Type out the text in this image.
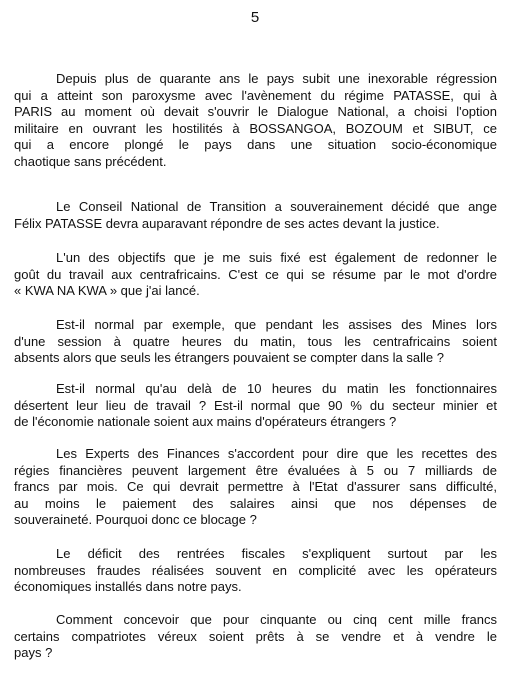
5
Depuis plus de quarante ans le pays subit une inexorable régression
qui a atteint son paroxysme avec l'avènement du régime PATASSE, qui à
PARIS au moment où devait s'ouvrir le Dialogue National, a choisi l'option
militaire en ouvrant les hostilités à BOSSANGOA, BOZOUM et SIBUT, ce
qui a encore plongé le pays dans une situation socio-économique
chaotique sans précédent.
Le Conseil National de Transition a souverainement décidé que ange
Félix PATASSE devra auparavant répondre de ses actes devant la justice.
L'un des objectifs que je me suis fixé est également de redonner le
goût du travail aux centrafricains. C'est ce qui se résume par le mot d'ordre
« KWA NA KWA » que j'ai lancé.
Est-il normal par exemple, que pendant les assises des Mines lors
d'une session à quatre heures du matin, tous les centrafricains soient
absents alors que seuls les étrangers pouvaient se compter dans la salle ?
Est-il normal qu'au delà de 10 heures du matin les fonctionnaires
désertent leur lieu de travail ? Est-il normal que 90 % du secteur minier et
de l'économie nationale soient aux mains d'opérateurs étrangers ?
Les Experts des Finances s'accordent pour dire que les recettes des
régies financières peuvent largement être évaluées à 5 ou 7 milliards de
francs par mois. Ce qui devrait permettre à l'Etat d'assurer sans difficulté,
au moins le paiement des salaires ainsi que nos dépenses de
souveraineté. Pourquoi donc ce blocage ?
Le déficit des rentrées fiscales s'expliquent surtout par les
nombreuses fraudes réalisées souvent en complicité avec les opérateurs
économiques installés dans notre pays.
Comment concevoir que pour cinquante ou cinq cent mille francs
certains compatriotes véreux soient prêts à se vendre et à vendre le
pays ?
